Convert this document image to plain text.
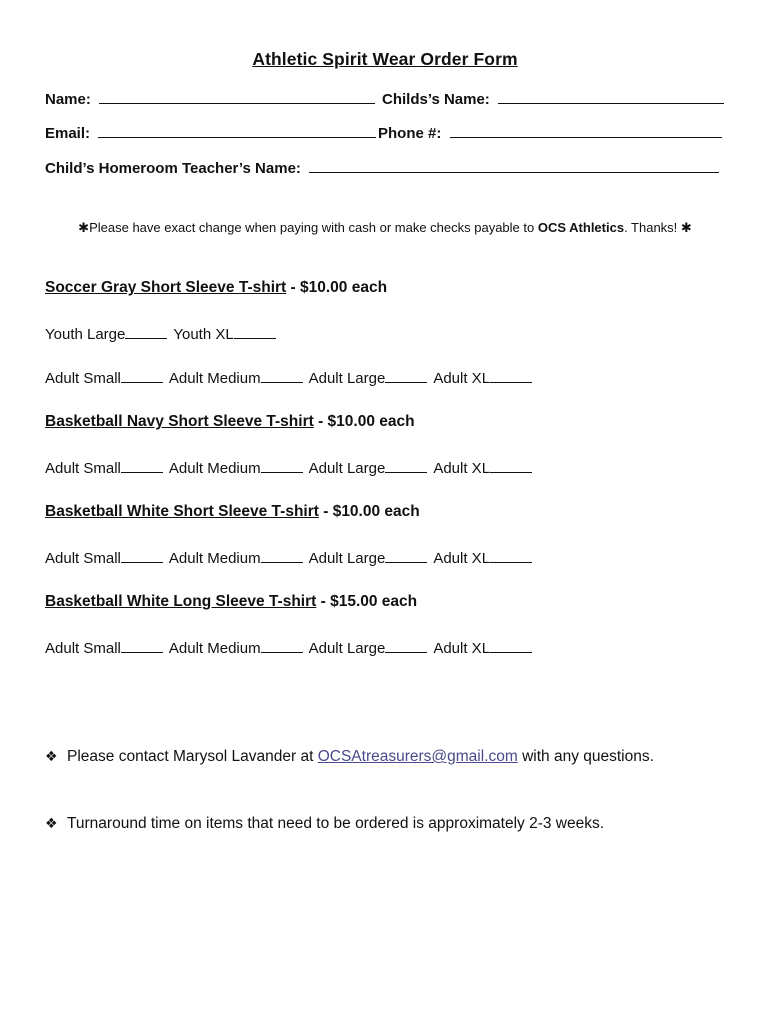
Athletic Spirit Wear Order Form
Name:	Childs’s Name:
Email:	Phone #:
Child’s Homeroom Teacher’s Name:
✱Please have exact change when paying with cash or make checks payable to OCS Athletics. Thanks! ✱
Soccer Gray Short Sleeve T-shirt - $10.00 each
Youth Large	Youth XL
Adult Small	Adult Medium	Adult Large	Adult XL
Basketball Navy Short Sleeve T-shirt - $10.00 each
Adult Small	Adult Medium	Adult Large	Adult XL
Basketball White Short Sleeve T-shirt - $10.00 each
Adult Small	Adult Medium	Adult Large	Adult XL
Basketball White Long Sleeve T-shirt - $15.00 each
Adult Small	Adult Medium	Adult Large	Adult XL
❖ Please contact Marysol Lavander at OCSAtreasurers@gmail.com with any questions.
❖ Turnaround time on items that need to be ordered is approximately 2-3 weeks.
